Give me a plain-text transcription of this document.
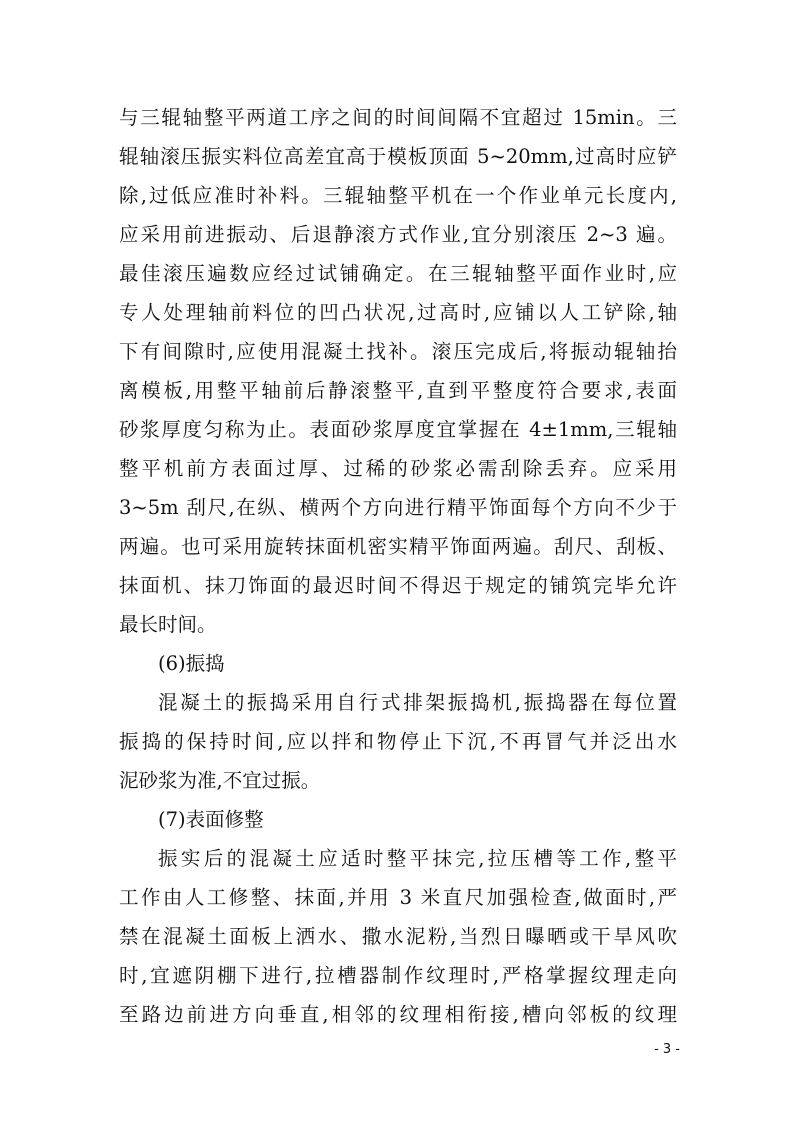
与三辊轴整平两道工序之间的时间间隔不宜超过 15min。三
辊轴滚压振实料位高差宜高于模板顶面 5~20mm,过高时应铲
除,过低应准时补料。三辊轴整平机在一个作业单元长度内,
应采用前进振动、后退静滚方式作业,宜分别滚压 2~3 遍。
最佳滚压遍数应经过试铺确定。在三辊轴整平面作业时,应
专人处理轴前料位的凹凸状况,过高时,应铺以人工铲除,轴
下有间隙时,应使用混凝土找补。滚压完成后,将振动辊轴抬
离模板,用整平轴前后静滚整平,直到平整度符合要求,表面
砂浆厚度匀称为止。表面砂浆厚度宜掌握在 4±1mm,三辊轴
整平机前方表面过厚、过稀的砂浆必需刮除丢弃。应采用
3~5m 刮尺,在纵、横两个方向进行精平饰面每个方向不少于
两遍。也可采用旋转抹面机密实精平饰面两遍。刮尺、刮板、
抹面机、抹刀饰面的最迟时间不得迟于规定的铺筑完毕允许
最长时间。
(6)振捣
混凝土的振捣采用自行式排架振捣机,振捣器在每位置
振捣的保持时间,应以拌和物停止下沉,不再冒气并泛出水
泥砂浆为准,不宜过振。
(7)表面修整
振实后的混凝土应适时整平抹完,拉压槽等工作,整平
工作由人工修整、抹面,并用 3 米直尺加强检查,做面时,严
禁在混凝土面板上洒水、撒水泥粉,当烈日曝晒或干旱风吹
时,宜遮阴棚下进行,拉槽器制作纹理时,严格掌握纹理走向
至路边前进方向垂直,相邻的纹理相衔接,槽向邻板的纹理
- 3 -
